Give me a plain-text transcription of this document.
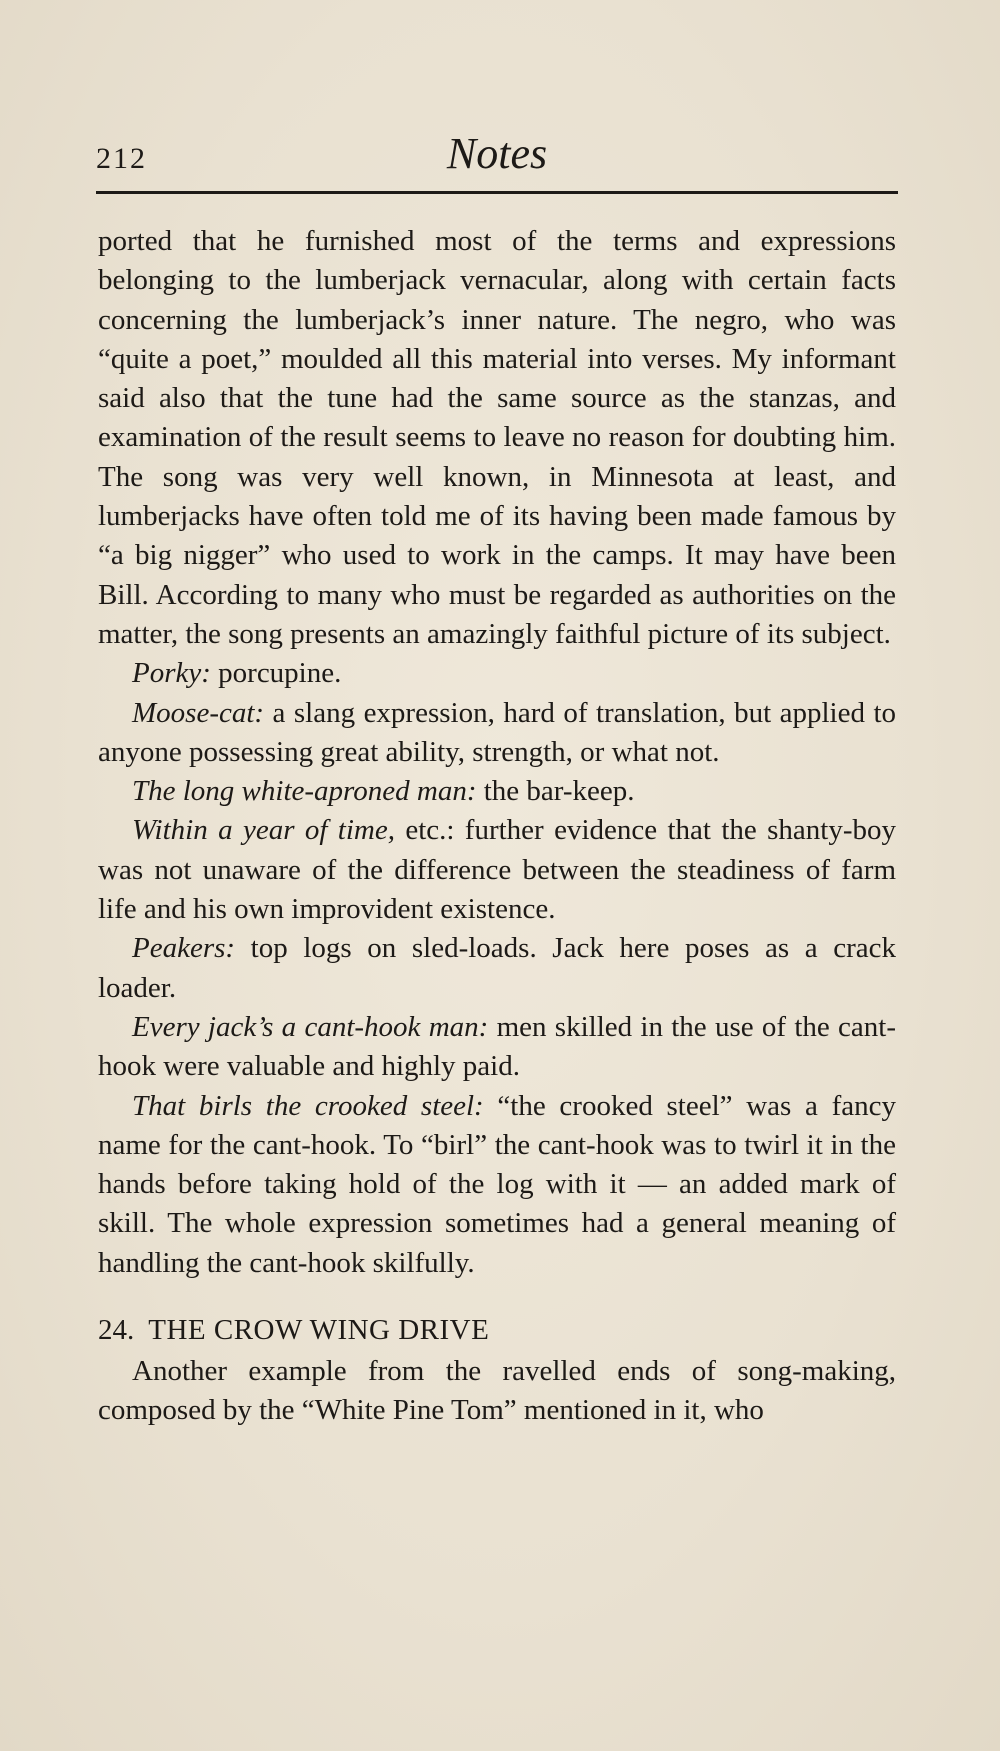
212	Notes

ported that he furnished most of the terms and expressions belonging to the lumberjack vernacular, along with certain facts concerning the lumberjack’s inner nature. The negro, who was “quite a poet,” moulded all this material into verses. My informant said also that the tune had the same source as the stanzas, and examination of the result seems to leave no reason for doubting him. The song was very well known, in Minnesota at least, and lumberjacks have often told me of its having been made famous by “a big nigger” who used to work in the camps. It may have been Bill. According to many who must be regarded as authorities on the matter, the song presents an amazingly faithful picture of its subject.

Porky: porcupine.

Moose-cat: a slang expression, hard of translation, but applied to anyone possessing great ability, strength, or what not.

The long white-aproned man: the bar-keep.

Within a year of time, etc.: further evidence that the shanty-boy was not unaware of the difference between the steadiness of farm life and his own improvident existence.

Peakers: top logs on sled-loads. Jack here poses as a crack loader.

Every jack’s a cant-hook man: men skilled in the use of the cant-hook were valuable and highly paid.

That birls the crooked steel: “the crooked steel” was a fancy name for the cant-hook. To “birl” the cant-hook was to twirl it in the hands before taking hold of the log with it — an added mark of skill. The whole expression sometimes had a general meaning of handling the cant-hook skilfully.

24. THE CROW WING DRIVE

Another example from the ravelled ends of song-making, composed by the “White Pine Tom” mentioned in it, who
